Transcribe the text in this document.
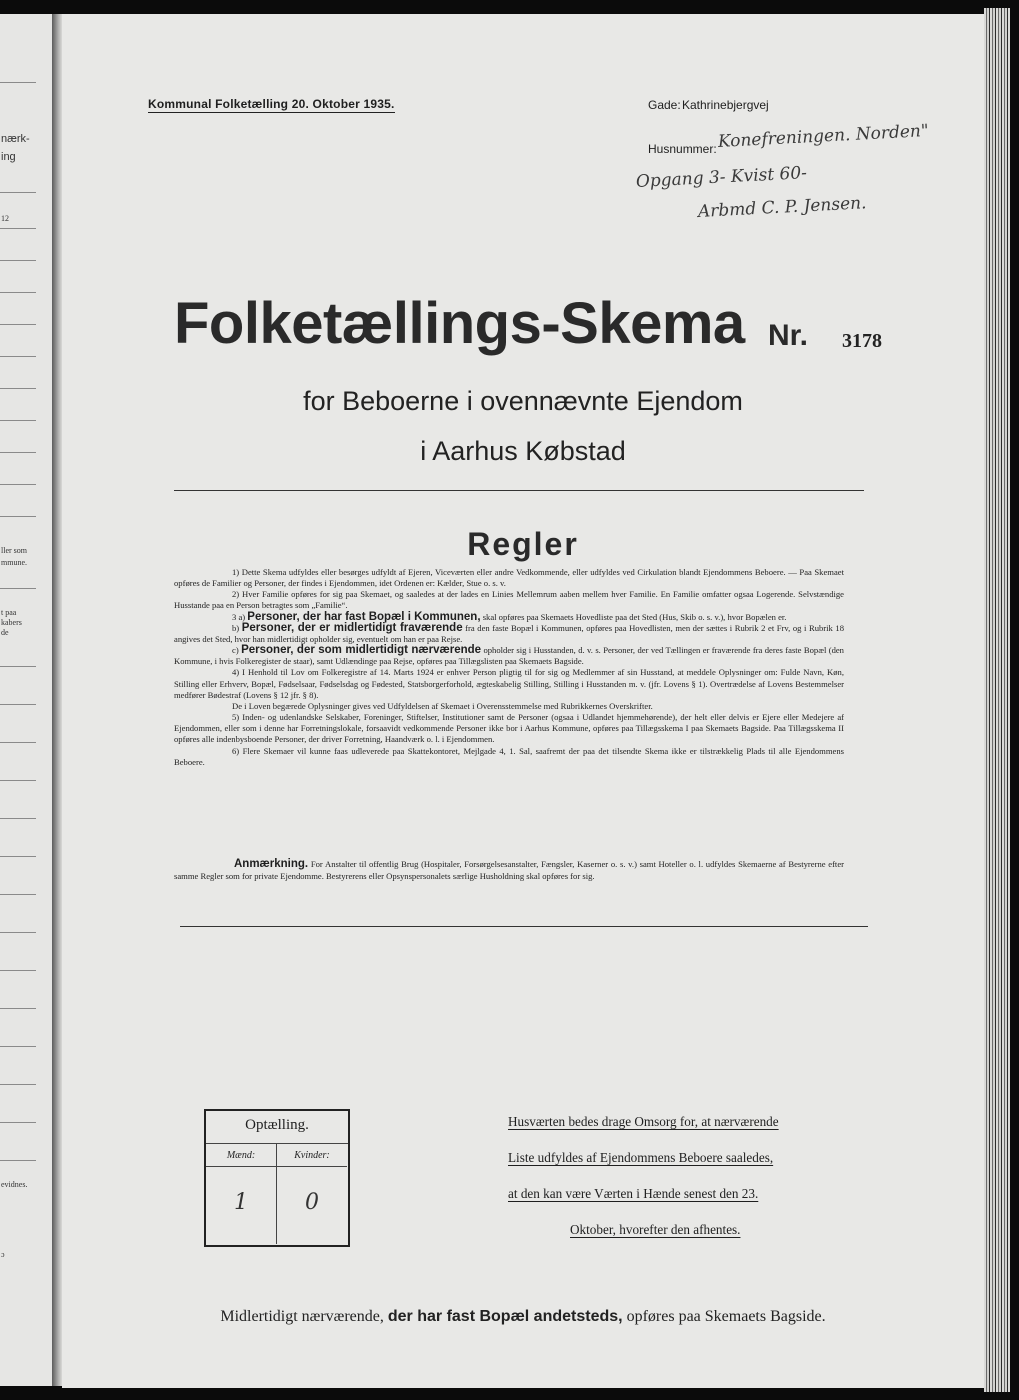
nærk-
ing
12
ller som
mmune.
t paa
kabers
de
evidnes.
ɔ
Kommunal Folketælling 20. Oktober 1935.	Gade: Kathrinebjergvej
Husnummer: Konefreningen. Norden"
Opgang 3- Kvist 60-
Arbmd C. P. Jensen.
Folketællings-Skema Nr. 3178
for Beboerne i ovennævnte Ejendom
i Aarhus Købstad
Regler

1) Dette Skema udfyldes eller besørges udfyldt af Ejeren, Viceværten eller andre Vedkommende, eller udfyldes ved Cirkulation blandt Ejendommens Beboere. — Paa Skemaet opføres de Familier og Personer, der findes i Ejendommen, idet Ordenen er: Kælder, Stue o. s. v.

2) Hver Familie opføres for sig paa Skemaet, og saaledes at der lades en Linies Mellemrum aaben mellem hver Familie. En Familie omfatter ogsaa Logerende. Selvstændige Husstande paa en Person betragtes som „Familie“.

3 a) Personer, der har fast Bopæl i Kommunen, skal opføres paa Skemaets Hovedliste paa det Sted (Hus, Skib o. s. v.), hvor Bopælen er.

b) Personer, der er midlertidigt fraværende fra den faste Bopæl i Kommunen, opføres paa Hovedlisten, men der sættes i Rubrik 2 et Frv, og i Rubrik 18 angives det Sted, hvor han midlertidigt opholder sig, eventuelt om han er paa Rejse.

c) Personer, der som midlertidigt nærværende opholder sig i Husstanden, d. v. s. Personer, der ved Tællingen er fraværende fra deres faste Bopæl (den Kommune, i hvis Folkeregister de staar), samt Udlændinge paa Rejse, opføres paa Tillægslisten paa Skemaets Bagside.

4) I Henhold til Lov om Folkeregistre af 14. Marts 1924 er enhver Person pligtig til for sig og Medlemmer af sin Husstand, at meddele Oplysninger om: Fulde Navn, Køn, Stilling eller Erhverv, Bopæl, Fødselsaar, Fødselsdag og Fødested, Statsborgerforhold, ægteskabelig Stilling, Stilling i Husstanden m. v. (jfr. Lovens § 1). Overtrædelse af Lovens Bestemmelser medfører Bødestraf (Lovens § 12 jfr. § 8).

De i Loven begærede Oplysninger gives ved Udfyldelsen af Skemaet i Overensstemmelse med Rubrikkernes Overskrifter.

5) Inden- og udenlandske Selskaber, Foreninger, Stiftelser, Institutioner samt de Personer (ogsaa i Udlandet hjemmehørende), der helt eller delvis er Ejere eller Medejere af Ejendommen, eller som i denne har Forretningslokale, forsaavidt vedkommende Personer ikke bor i Aarhus Kommune, opføres paa Tillægsskema I paa Skemaets Bagside. Paa Tillægsskema II opføres alle indenbysboende Personer, der driver Forretning, Haandværk o. l. i Ejendommen.

6) Flere Skemaer vil kunne faas udleverede paa Skattekontoret, Mejlgade 4, 1. Sal, saafremt der paa det tilsendte Skema ikke er tilstrækkelig Plads til alle Ejendommens Beboere.

Anmærkning. For Anstalter til offentlig Brug (Hospitaler, Forsørgelsesanstalter, Fængsler, Kaserner o. s. v.) samt Hoteller o. l. udfyldes Skemaerne af Bestyrerne efter samme Regler som for private Ejendomme. Bestyrerens eller Opsynspersonalets særlige Husholdning skal opføres for sig.

Optælling.
Mænd:
1
Kvinder:
0
Husværten bedes drage Omsorg for, at nærværende
Liste udfyldes af Ejendommens Beboere saaledes,
at den kan være Værten i Hænde senest den 23.
Oktober, hvorefter den afhentes.
Midlertidigt nærværende, der har fast Bopæl andetsteds, opføres paa Skemaets Bagside.
